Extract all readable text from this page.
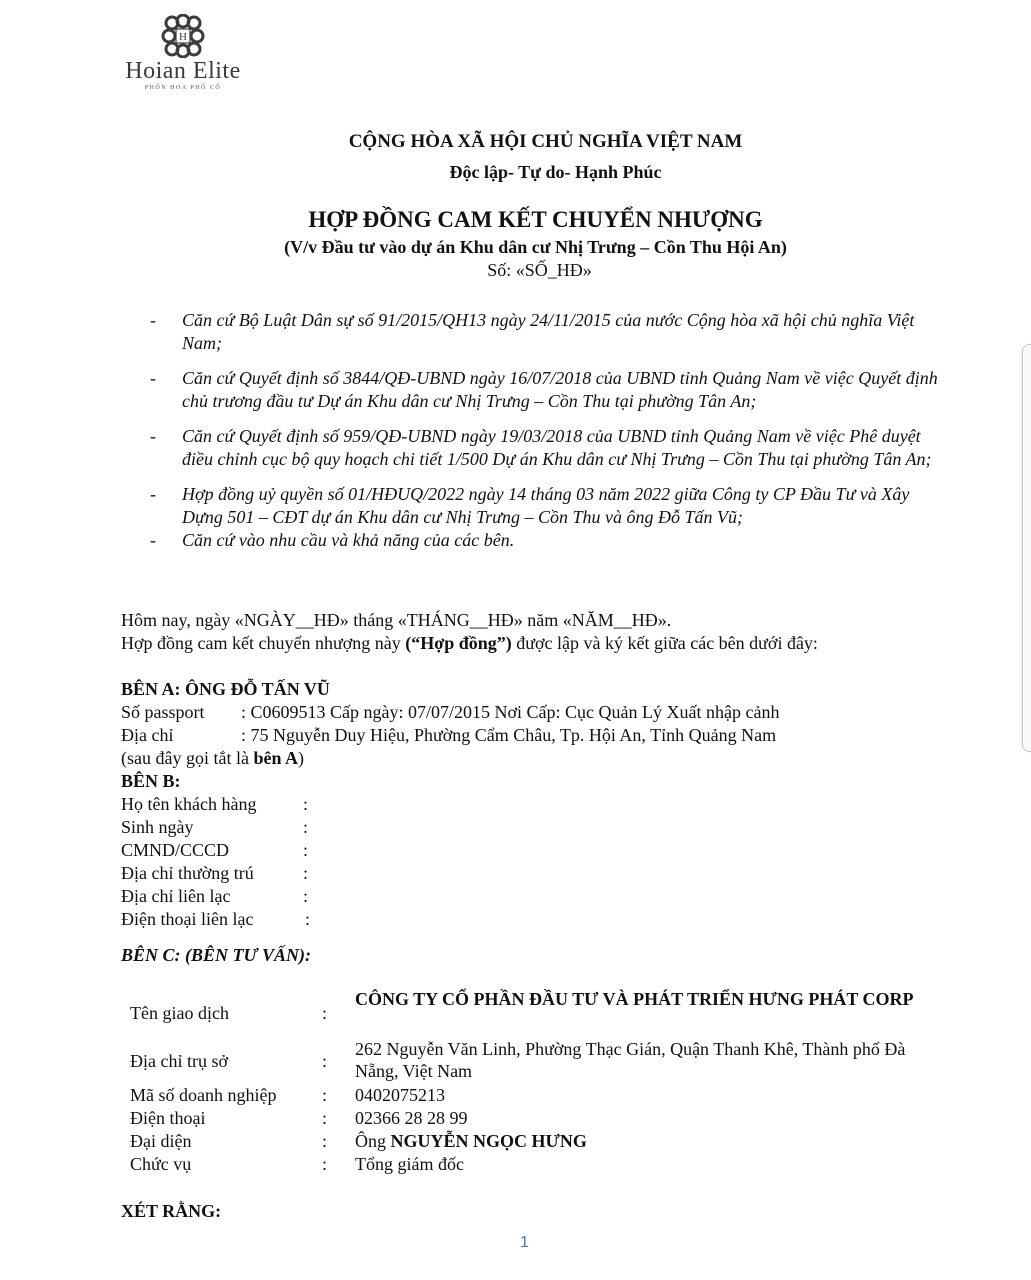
H
Hoian Elite
PHỐN HOA PHỐ CỔ
CỘNG HÒA XÃ HỘI CHỦ NGHĨA VIỆT NAM
Độc lập- Tự do- Hạnh Phúc
HỢP ĐỒNG CAM KẾT CHUYỂN NHƯỢNG
(V/v Đầu tư vào dự án Khu dân cư Nhị Trưng – Cồn Thu Hội An)
Số: «SỐ_HĐ»
- Căn cứ Bộ Luật Dân sự số 91/2015/QH13 ngày 24/11/2015 của nước Cộng hòa xã hội chủ nghĩa Việt Nam;
- Căn cứ Quyết định số 3844/QĐ-UBND ngày 16/07/2018 của UBND tỉnh Quảng Nam về việc Quyết định chủ trương đầu tư Dự án Khu dân cư Nhị Trưng – Cồn Thu tại phường Tân An;
- Căn cứ Quyết định số 959/QĐ-UBND ngày 19/03/2018 của UBND tỉnh Quảng Nam về việc Phê duyệt điều chỉnh cục bộ quy hoạch chi tiết 1/500 Dự án Khu dân cư Nhị Trưng – Cồn Thu tại phường Tân An;
- Hợp đồng uỷ quyền số 01/HĐUQ/2022 ngày 14 tháng 03 năm 2022 giữa Công ty CP Đầu Tư và Xây Dựng 501 – CĐT dự án Khu dân cư Nhị Trưng – Cồn Thu và ông Đỗ Tấn Vũ;
- Căn cứ vào nhu cầu và khả năng của các bên.
Hôm nay, ngày «NGÀY__HĐ» tháng «THÁNG__HĐ» năm «NĂM__HĐ».
Hợp đồng cam kết chuyển nhượng này (“Hợp đồng”) được lập và ký kết giữa các bên dưới đây:
BÊN A: ÔNG ĐỖ TẤN VŨ
Số passport : C0609513 Cấp ngày: 07/07/2015 Nơi Cấp: Cục Quản Lý Xuất nhập cảnh
Địa chỉ	: 75 Nguyễn Duy Hiệu, Phường Cẩm Châu, Tp. Hội An, Tỉnh Quảng Nam
(sau đây gọi tắt là bên A)
BÊN B:
Họ tên khách hàng	:
Sinh ngày	:
CMND/CCCD	:
Địa chỉ thường trú	:
Địa chỉ liên lạc	:
Điện thoại liên lạc	:
BÊN C: (BÊN TƯ VẤN):
Tên giao dịch	:
CÔNG TY CỔ PHẦN ĐẦU TƯ VÀ PHÁT TRIỂN HƯNG PHÁT CORP
Địa chỉ trụ sở	:
262 Nguyễn Văn Linh, Phường Thạc Gián, Quận Thanh Khê, Thành phố Đà Nẵng, Việt Nam
Mã số doanh nghiệp	: 0402075213
Điện thoại	: 02366 28 28 99
Đại diện	: Ông NGUYỄN NGỌC HƯNG
Chức vụ	: Tổng giám đốc
XÉT RẰNG:
1
